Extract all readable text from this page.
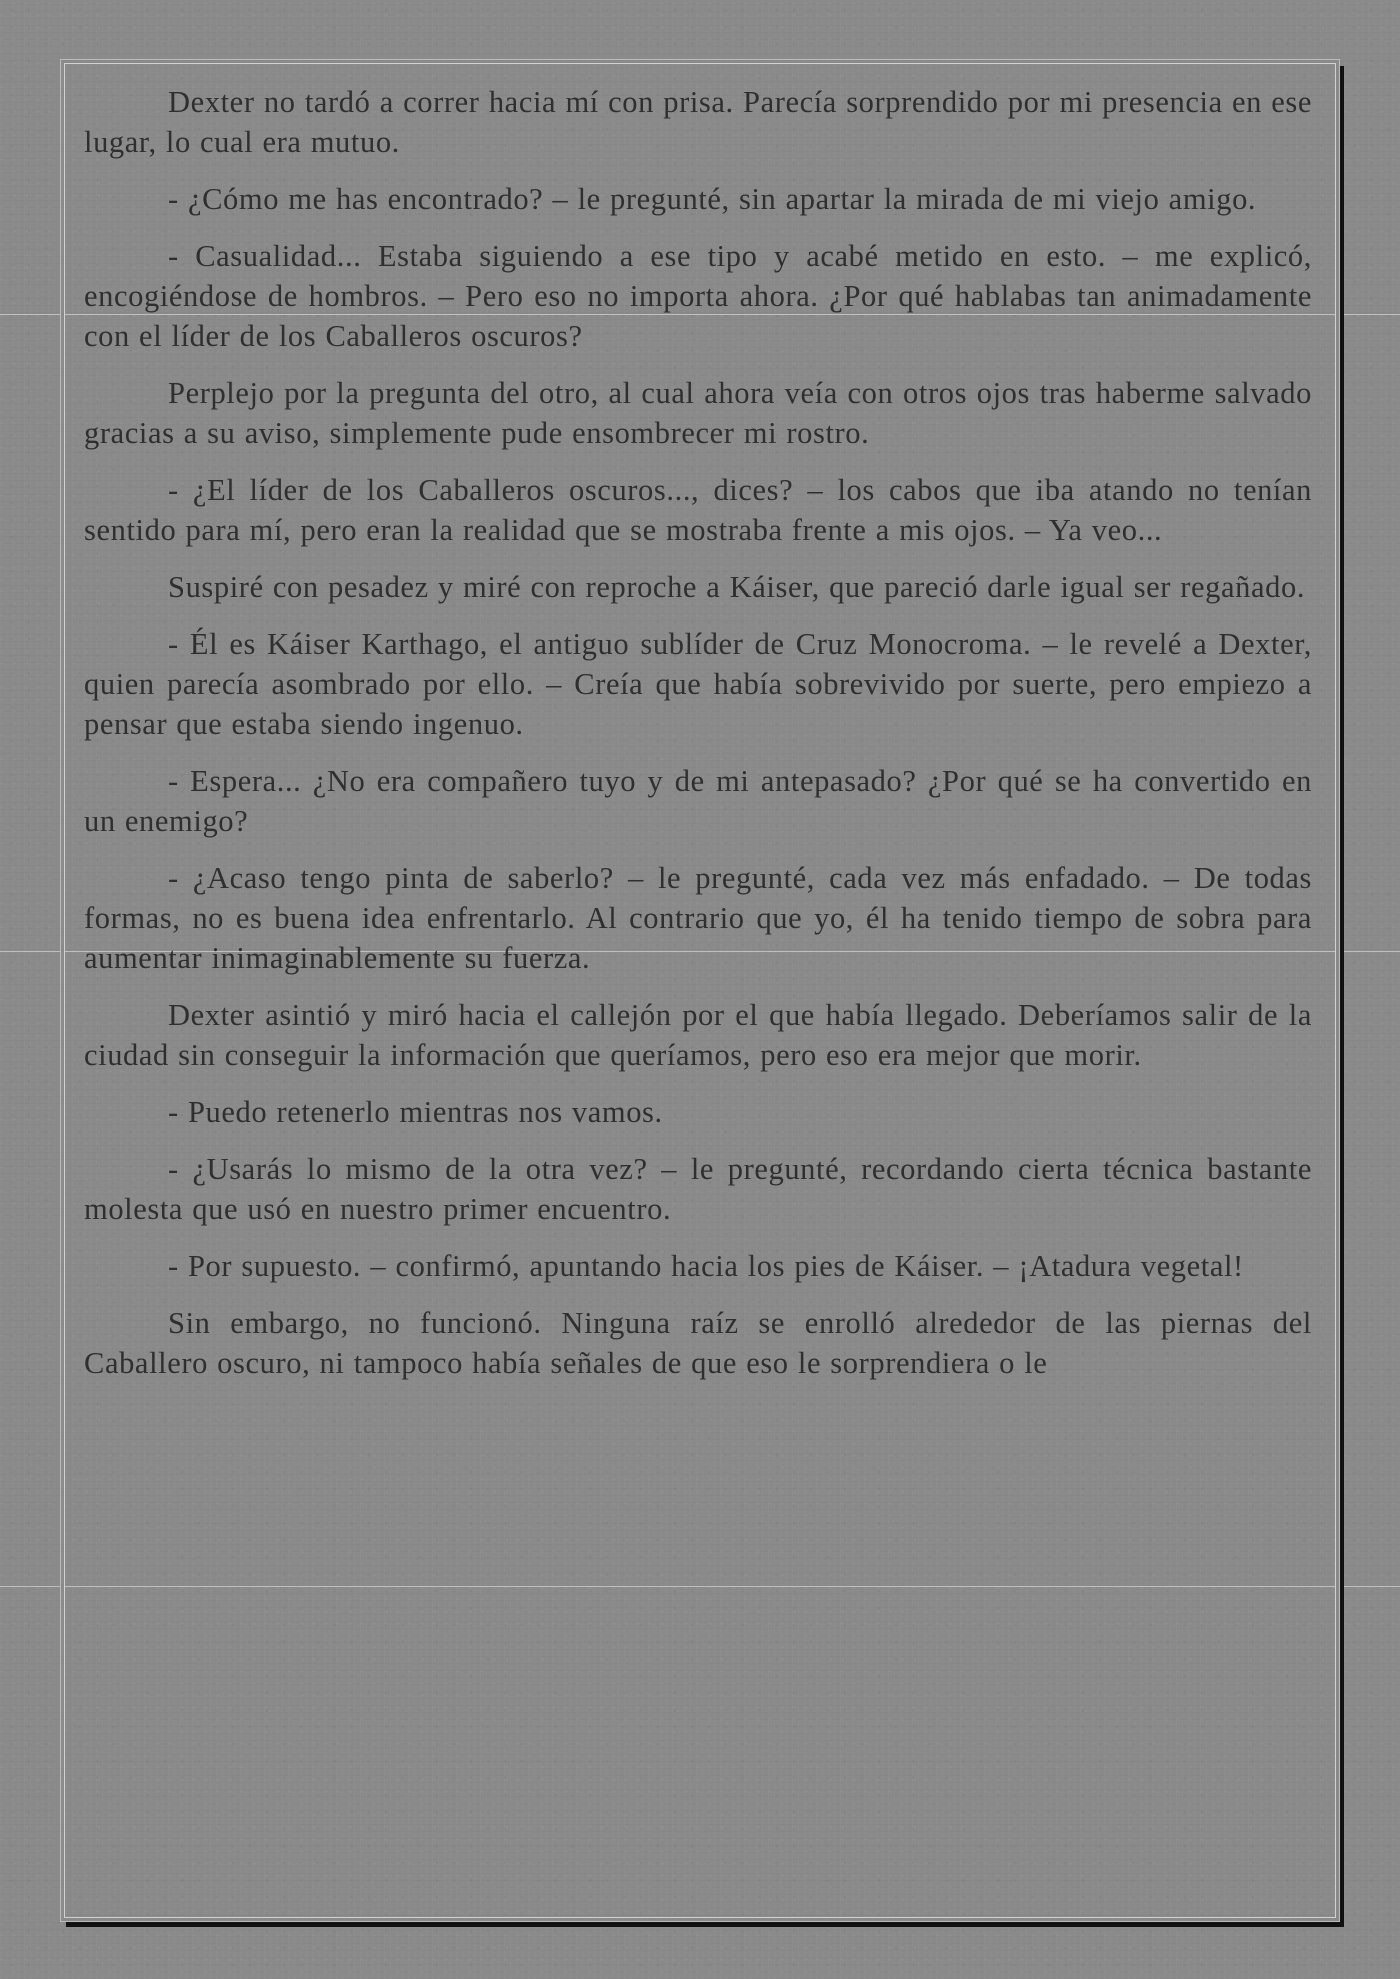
Dexter no tardó a correr hacia mí con prisa. Parecía sorprendido por mi presencia en ese lugar, lo cual era mutuo.

- ¿Cómo me has encontrado? – le pregunté, sin apartar la mirada de mi viejo amigo.

- Casualidad... Estaba siguiendo a ese tipo y acabé metido en esto. – me explicó, encogiéndose de hombros. – Pero eso no importa ahora. ¿Por qué hablabas tan animadamente con el líder de los Caballeros oscuros?

Perplejo por la pregunta del otro, al cual ahora veía con otros ojos tras haberme salvado gracias a su aviso, simplemente pude ensombrecer mi rostro.

- ¿El líder de los Caballeros oscuros..., dices? – los cabos que iba atando no tenían sentido para mí, pero eran la realidad que se mostraba frente a mis ojos. – Ya veo...

Suspiré con pesadez y miré con reproche a Káiser, que pareció darle igual ser regañado.

- Él es Káiser Karthago, el antiguo sublíder de Cruz Monocroma. – le revelé a Dexter, quien parecía asombrado por ello. – Creía que había sobrevivido por suerte, pero empiezo a pensar que estaba siendo ingenuo.

- Espera... ¿No era compañero tuyo y de mi antepasado? ¿Por qué se ha convertido en un enemigo?

- ¿Acaso tengo pinta de saberlo? – le pregunté, cada vez más enfadado. – De todas formas, no es buena idea enfrentarlo. Al contrario que yo, él ha tenido tiempo de sobra para aumentar inimaginablemente su fuerza.

Dexter asintió y miró hacia el callejón por el que había llegado. Deberíamos salir de la ciudad sin conseguir la información que queríamos, pero eso era mejor que morir.

- Puedo retenerlo mientras nos vamos.

- ¿Usarás lo mismo de la otra vez? – le pregunté, recordando cierta técnica bastante molesta que usó en nuestro primer encuentro.

- Por supuesto. – confirmó, apuntando hacia los pies de Káiser. – ¡Atadura vegetal!

Sin embargo, no funcionó. Ninguna raíz se enrolló alrededor de las piernas del Caballero oscuro, ni tampoco había señales de que eso le sorprendiera o le
